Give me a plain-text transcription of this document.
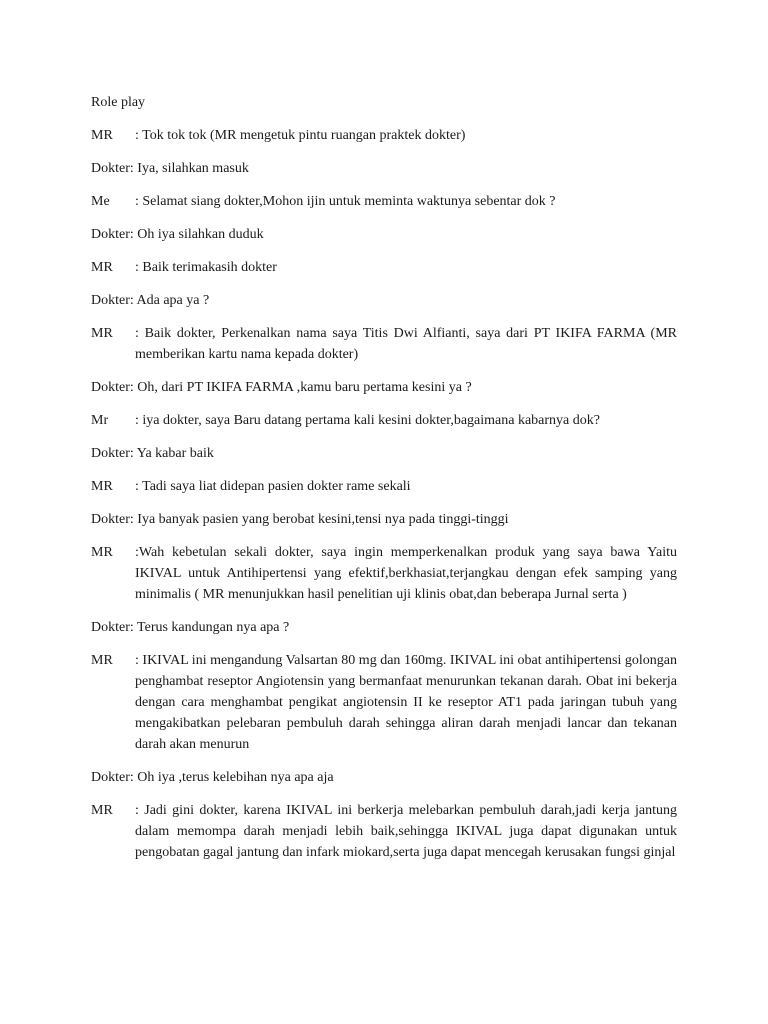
Role play
MR	: Tok tok tok (MR mengetuk pintu ruangan praktek dokter)
Dokter : Iya, silahkan masuk
Me	: Selamat siang dokter,Mohon ijin untuk meminta waktunya sebentar dok ?
Dokter : Oh iya silahkan duduk
MR	: Baik terimakasih dokter
Dokter : Ada apa ya ?
MR	: Baik dokter, Perkenalkan nama saya Titis Dwi Alfianti, saya dari PT IKIFA FARMA (MR memberikan kartu nama kepada dokter)
Dokter : Oh, dari PT IKIFA FARMA ,kamu baru pertama kesini ya ?
Mr	: iya dokter, saya Baru datang pertama kali kesini dokter,bagaimana kabarnya dok?
Dokter : Ya kabar baik
MR	: Tadi saya liat didepan pasien dokter rame sekali
Dokter : Iya banyak pasien yang berobat kesini,tensi nya pada tinggi-tinggi
MR	:Wah kebetulan sekali dokter, saya ingin memperkenalkan produk yang saya bawa Yaitu IKIVAL untuk Antihipertensi yang efektif,berkhasiat,terjangkau dengan efek samping yang minimalis ( MR menunjukkan hasil penelitian uji klinis obat,dan beberapa Jurnal serta )
Dokter : Terus kandungan nya apa ?
MR	: IKIVAL ini mengandung Valsartan 80 mg dan 160mg. IKIVAL ini obat antihipertensi golongan penghambat reseptor Angiotensin yang bermanfaat menurunkan tekanan darah. Obat ini bekerja dengan cara menghambat pengikat angiotensin II ke reseptor AT1 pada jaringan tubuh yang mengakibatkan pelebaran pembuluh darah sehingga aliran darah menjadi lancar dan tekanan darah akan menurun
Dokter : Oh iya ,terus kelebihan nya apa aja
MR	: Jadi gini dokter, karena IKIVAL ini berkerja melebarkan pembuluh darah,jadi kerja jantung dalam memompa darah menjadi lebih baik,sehingga IKIVAL juga dapat digunakan untuk pengobatan gagal jantung dan infark miokard,serta juga dapat mencegah kerusakan fungsi ginjal
